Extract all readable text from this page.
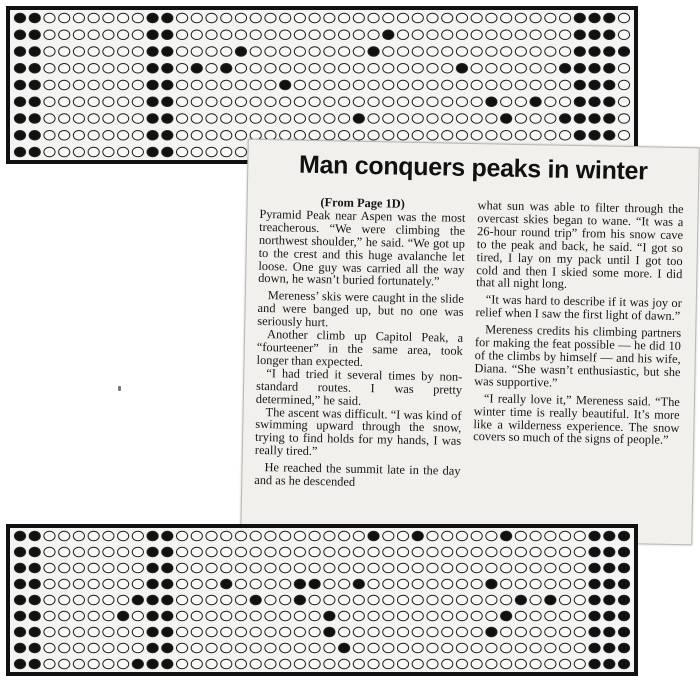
Man conquers peaks in winter

(From Page 1D)

Pyramid Peak near Aspen was the most treacherous. “We were climbing the northwest shoulder,” he said. “We got up to the crest and this huge avalanche let loose. One guy was carried all the way down, he wasn’t buried fortunately.”

Mereness’ skis were caught in the slide and were banged up, but no one was seriously hurt.

Another climb up Capitol Peak, a “fourteener” in the same area, took longer than expected.

“I had tried it several times by non-standard routes. I was pretty determined,” he said.

The ascent was difficult. “I was kind of swimming upward through the snow, trying to find holds for my hands, I was really tired.”

He reached the summit late in the day and as he descended

what sun was able to filter through the overcast skies began to wane. “It was a 26-hour round trip” from his snow cave to the peak and back, he said. “I got so tired, I lay on my pack until I got too cold and then I skied some more. I did that all night long.

“It was hard to describe if it was joy or relief when I saw the first light of dawn.”

Mereness credits his climbing partners for making the feat possible — he did 10 of the climbs by himself — and his wife, Diana. “She wasn’t enthusiastic, but she was supportive.”

“I really love it,” Mereness said. “The winter time is really beautiful. It’s more like a wilderness experience. The snow covers so much of the signs of people.”
